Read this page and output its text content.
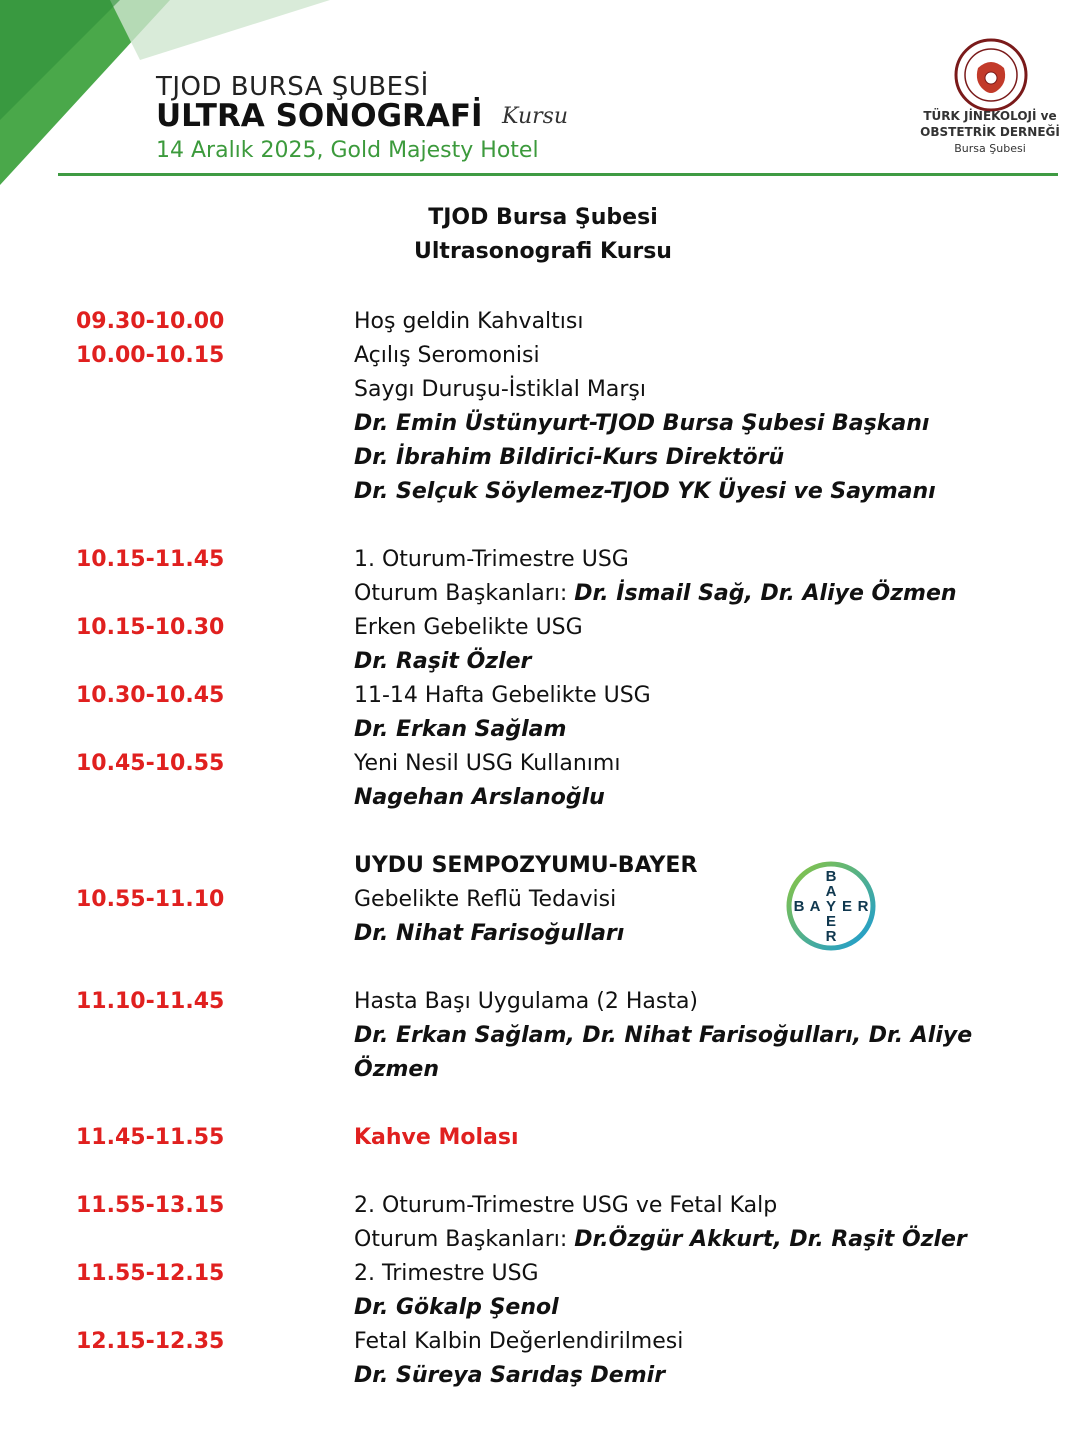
TJOD BURSA ŞUBESİ
ULTRA SONOGRAFİ Kursu
14 Aralık 2025, Gold Majesty Hotel
TÜRK JİNEKOLOJİ ve
OBSTETRİK DERNEĞİ
Bursa Şubesi
TJOD Bursa Şubesi
Ultrasonografi Kursu
09.30-10.00	Hoş geldin Kahvaltısı
10.00-10.15	Açılış Seromonisi
Saygı Duruşu-İstiklal Marşı
Dr. Emin Üstünyurt-TJOD Bursa Şubesi Başkanı
Dr. İbrahim Bildirici-Kurs Direktörü
Dr. Selçuk Söylemez-TJOD YK Üyesi ve Saymanı
10.15-11.45	1. Oturum-Trimestre USG
Oturum Başkanları: Dr. İsmail Sağ, Dr. Aliye Özmen
10.15-10.30	Erken Gebelikte USG
Dr. Raşit Özler
10.30-10.45	11-14 Hafta Gebelikte USG
Dr. Erkan Sağlam
10.45-10.55	Yeni Nesil USG Kullanımı
Nagehan Arslanoğlu
UYDU SEMPOZYUMU-BAYER
10.55-11.10	Gebelikte Reflü Tedavisi
Dr. Nihat Farisoğulları
B
A
R
E
B A Y E R
11.10-11.45	Hasta Başı Uygulama (2 Hasta)
Dr. Erkan Sağlam, Dr. Nihat Farisoğulları, Dr. Aliye
Özmen
11.45-11.55	Kahve Molası
11.55-13.15	2. Oturum-Trimestre USG ve Fetal Kalp
Oturum Başkanları: Dr.Özgür Akkurt, Dr. Raşit Özler
11.55-12.15	2. Trimestre USG
Dr. Gökalp Şenol
12.15-12.35	Fetal Kalbin Değerlendirilmesi
Dr. Süreya Sarıdaş Demir
